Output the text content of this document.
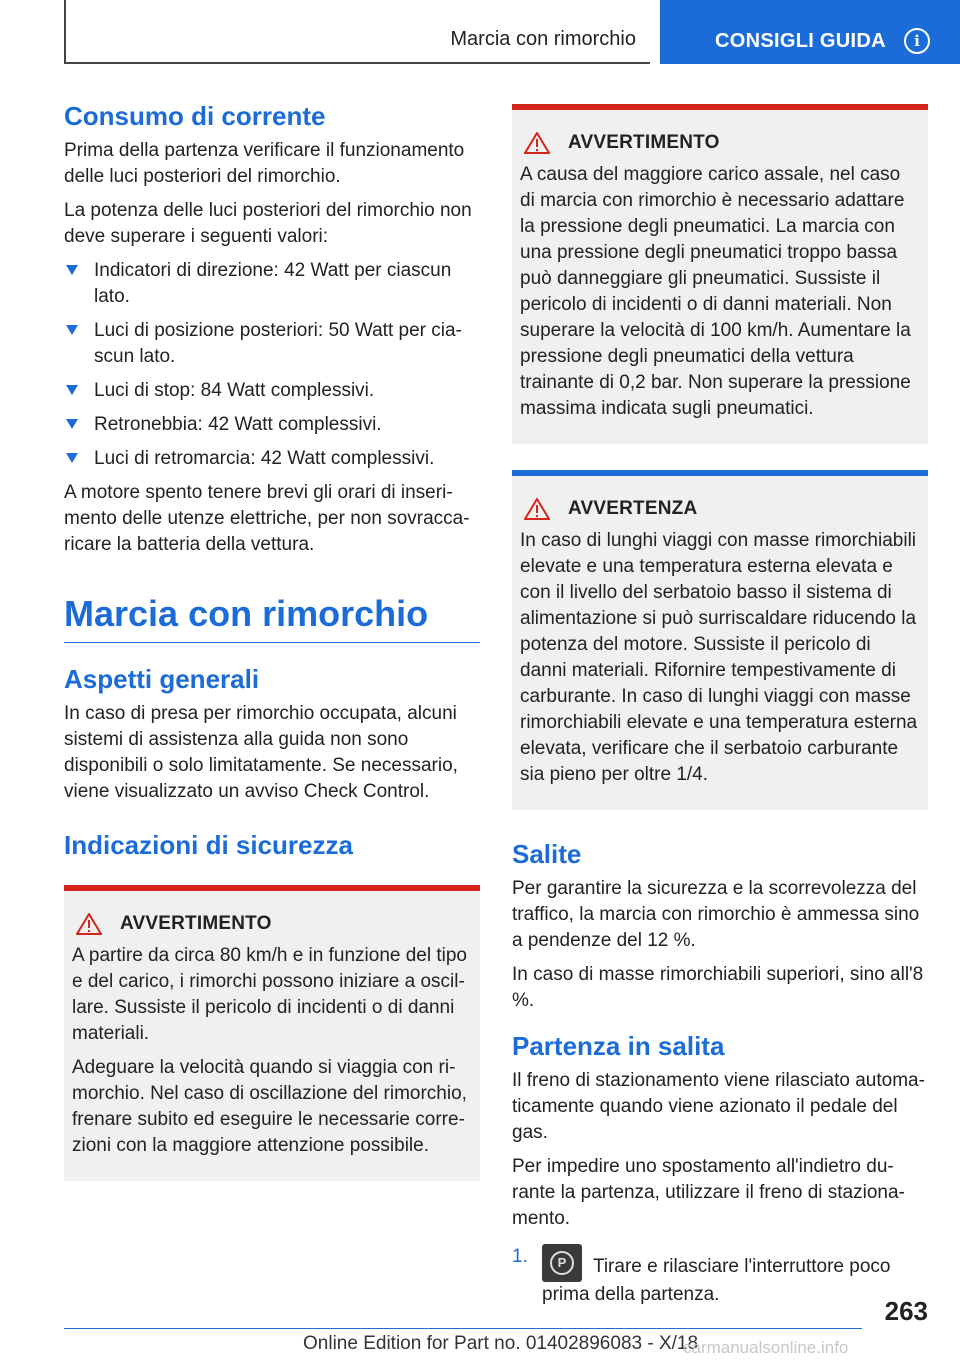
Marcia con rimorchio	CONSIGLI GUIDA	i
Consumo di corrente

Prima della partenza verificare il funzionamento delle luci posteriori del rimorchio.

La potenza delle luci posteriori del rimorchio non deve superare i seguenti valori:

Indicatori di direzione: 42 Watt per ciascun lato.
Luci di posizione posteriori: 50 Watt per ciascun lato.
Luci di stop: 84 Watt complessivi.
Retronebbia: 42 Watt complessivi.
Luci di retromarcia: 42 Watt complessivi.

A motore spento tenere brevi gli orari di inserimento delle utenze elettriche, per non sovraccaricare la batteria della vettura.

Marcia con rimorchio
Aspetti generali

In caso di presa per rimorchio occupata, alcuni sistemi di assistenza alla guida non sono disponibili o solo limitatamente. Se necessario, viene visualizzato un avviso Check Control.

Indicazioni di sicurezza
AVVERTIMENTO

A partire da circa 80 km/h e in funzione del tipo e del carico, i rimorchi possono iniziare a oscillare. Sussiste il pericolo di incidenti o di danni materiali.

Adeguare la velocità quando si viaggia con rimorchio. Nel caso di oscillazione del rimorchio, frenare subito ed eseguire le necessarie correzioni con la maggiore attenzione possibile.

AVVERTIMENTO

A causa del maggiore carico assale, nel caso di marcia con rimorchio è necessario adattare la pressione degli pneumatici. La marcia con una pressione degli pneumatici troppo bassa può danneggiare gli pneumatici. Sussiste il pericolo di incidenti o di danni materiali. Non superare la velocità di 100 km/h. Aumentare la pressione degli pneumatici della vettura trainante di 0,2 bar. Non superare la pressione massima indicata sugli pneumatici.

AVVERTENZA

In caso di lunghi viaggi con masse rimorchiabili elevate e una temperatura esterna elevata e con il livello del serbatoio basso il sistema di alimentazione si può surriscaldare riducendo la potenza del motore. Sussiste il pericolo di danni materiali. Rifornire tempestivamente di carburante. In caso di lunghi viaggi con masse rimorchiabili elevate e una temperatura esterna elevata, verificare che il serbatoio carburante sia pieno per oltre 1/4.

Salite

Per garantire la sicurezza e la scorrevolezza del traffico, la marcia con rimorchio è ammessa sino a pendenze del 12 %.

In caso di masse rimorchiabili superiori, sino all'8 %.

Partenza in salita

Il freno di stazionamento viene rilasciato automaticamente quando viene azionato il pedale del gas.

Per impedire uno spostamento all'indietro durante la partenza, utilizzare il freno di stazionamento.

1.	P	Tirare e rilasciare l'interruttore poco prima della partenza.
263
Online Edition for Part no. 01402896083 - X/18
carmanualsonline.info
